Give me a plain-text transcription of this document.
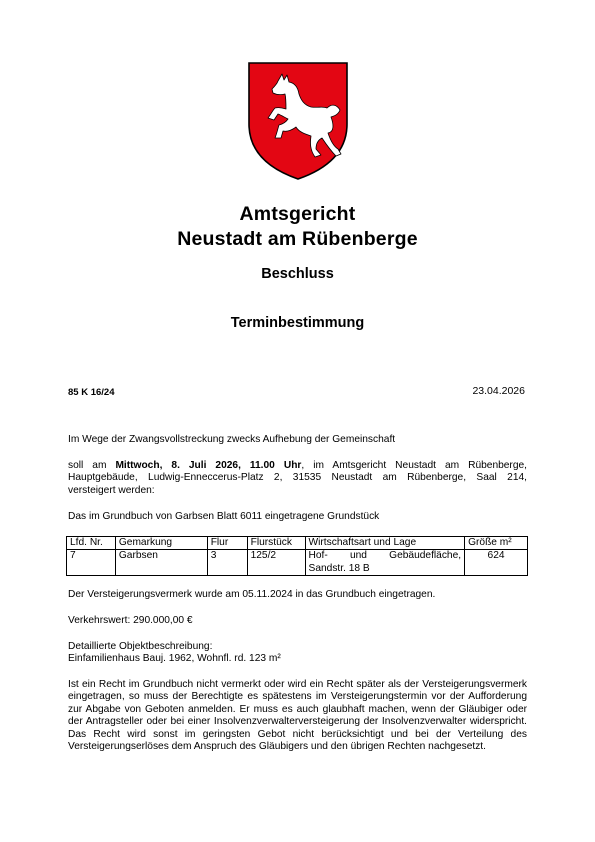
Amtsgericht
Neustadt am Rübenberge
Beschluss
Terminbestimmung
85 K 16/24	23.04.2026

Im Wege der Zwangsvollstreckung zwecks Aufhebung der Gemeinschaft

soll am Mittwoch, 8. Juli 2026, 11.00 Uhr, im Amtsgericht Neustadt am Rübenberge,
Hauptgebäude, Ludwig-Enneccerus-Platz 2, 31535 Neustadt am Rübenberge, Saal 214,
versteigert werden:

Das im Grundbuch von Garbsen Blatt 6011 eingetragene Grundstück

Lfd. Nr.	Gemarkung	Flur	Flurstück	Wirtschaftsart und Lage	Größe m²
7	Garbsen	3	125/2	Hof- und Gebäudefläche, Sandstr. 18 B	624

Der Versteigerungsvermerk wurde am 05.11.2024 in das Grundbuch eingetragen.

Verkehrswert: 290.000,00 €

Detaillierte Objektbeschreibung:
Einfamilienhaus Bauj. 1962, Wohnfl. rd. 123 m²

Ist ein Recht im Grundbuch nicht vermerkt oder wird ein Recht später als der Versteigerungsvermerk eingetragen, so muss der Berechtigte es spätestens im Versteigerungstermin vor der Aufforderung zur Abgabe von Geboten anmelden. Er muss es auch glaubhaft machen, wenn der Gläubiger oder der Antragsteller oder bei einer Insolvenzverwalterversteigerung der Insolvenzverwalter widerspricht. Das Recht wird sonst im geringsten Gebot nicht berücksichtigt und bei der Verteilung des Versteigerungserlöses dem Anspruch des Gläubigers und den übrigen Rechten nachgesetzt.
